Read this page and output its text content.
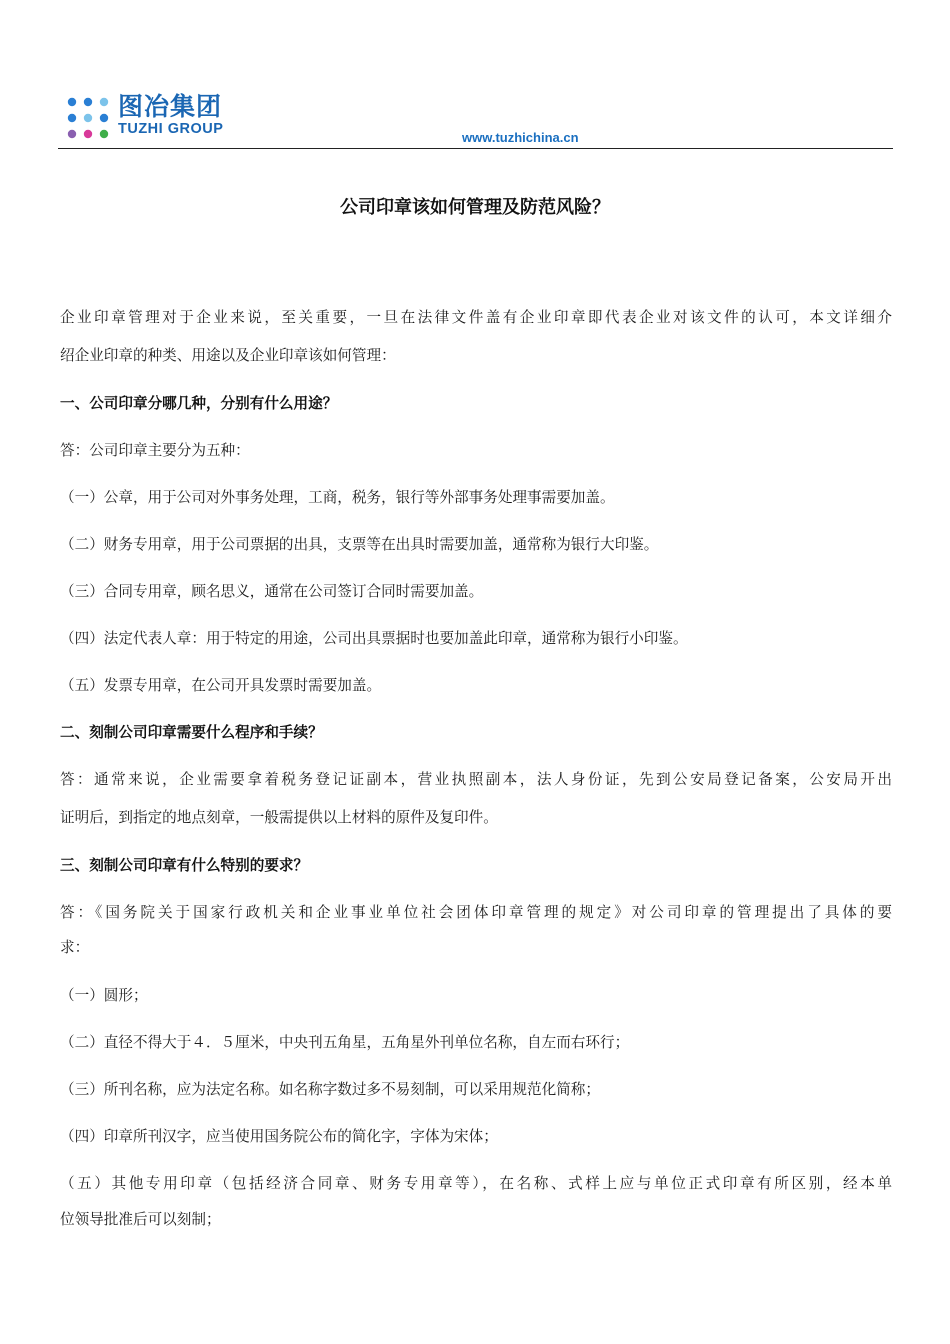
图冶集团
TUZHI GROUP
www.tuzhichina.cn
公司印章该如何管理及防范风险？

企业印章管理对于企业来说，至关重要，一旦在法律文件盖有企业印章即代表企业对该文件的认可，本文详细介

绍企业印章的种类、用途以及企业印章该如何管理：

一、公司印章分哪几种，分别有什么用途？

答：公司印章主要分为五种：

（一）公章，用于公司对外事务处理，工商，税务，银行等外部事务处理事需要加盖。

（二）财务专用章，用于公司票据的出具，支票等在出具时需要加盖，通常称为银行大印鉴。

（三）合同专用章，顾名思义，通常在公司签订合同时需要加盖。

（四）法定代表人章：用于特定的用途，公司出具票据时也要加盖此印章，通常称为银行小印鉴。

（五）发票专用章，在公司开具发票时需要加盖。

二、刻制公司印章需要什么程序和手续？

答：通常来说，企业需要拿着税务登记证副本，营业执照副本，法人身份证，先到公安局登记备案，公安局开出

证明后，到指定的地点刻章，一般需提供以上材料的原件及复印件。

三、刻制公司印章有什么特别的要求？

答：《国务院关于国家行政机关和企业事业单位社会团体印章管理的规定》对公司印章的管理提出了具体的要

求：

（一）圆形；

（二）直径不得大于４．５厘米，中央刊五角星，五角星外刊单位名称，自左而右环行；

（三）所刊名称，应为法定名称。如名称字数过多不易刻制，可以采用规范化简称；

（四）印章所刊汉字，应当使用国务院公布的简化字，字体为宋体；

（五）其他专用印章（包括经济合同章、财务专用章等），在名称、式样上应与单位正式印章有所区别，经本单

位领导批准后可以刻制；
